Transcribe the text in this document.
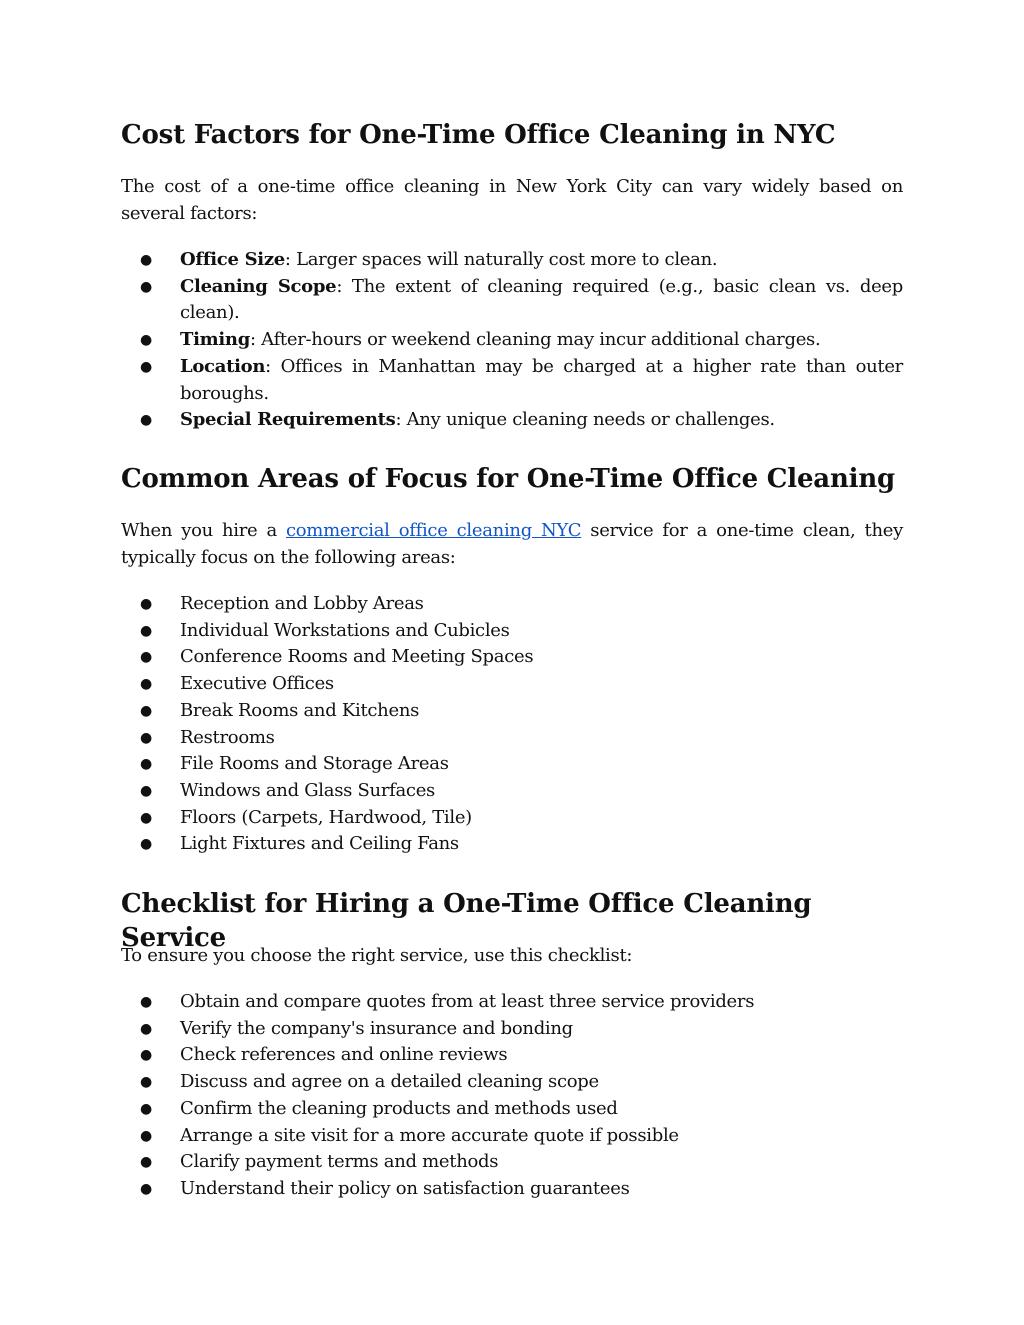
Cost Factors for One-Time Office Cleaning in NYC

The cost of a one-time office cleaning in New York City can vary widely based on several factors:

● Office Size: Larger spaces will naturally cost more to clean.
● Cleaning Scope: The extent of cleaning required (e.g., basic clean vs. deep clean).
● Timing: After-hours or weekend cleaning may incur additional charges.
● Location: Offices in Manhattan may be charged at a higher rate than outer boroughs.
● Special Requirements: Any unique cleaning needs or challenges.
Common Areas of Focus for One-Time Office Cleaning

When you hire a commercial office cleaning NYC service for a one-time clean, they typically focus on the following areas:

● Reception and Lobby Areas
● Individual Workstations and Cubicles
● Conference Rooms and Meeting Spaces
● Executive Offices
● Break Rooms and Kitchens
● Restrooms
● File Rooms and Storage Areas
● Windows and Glass Surfaces
● Floors (Carpets, Hardwood, Tile)
● Light Fixtures and Ceiling Fans
Checklist for Hiring a One-Time Office Cleaning Service

To ensure you choose the right service, use this checklist:

● Obtain and compare quotes from at least three service providers
● Verify the company's insurance and bonding
● Check references and online reviews
● Discuss and agree on a detailed cleaning scope
● Confirm the cleaning products and methods used
● Arrange a site visit for a more accurate quote if possible
● Clarify payment terms and methods
● Understand their policy on satisfaction guarantees
